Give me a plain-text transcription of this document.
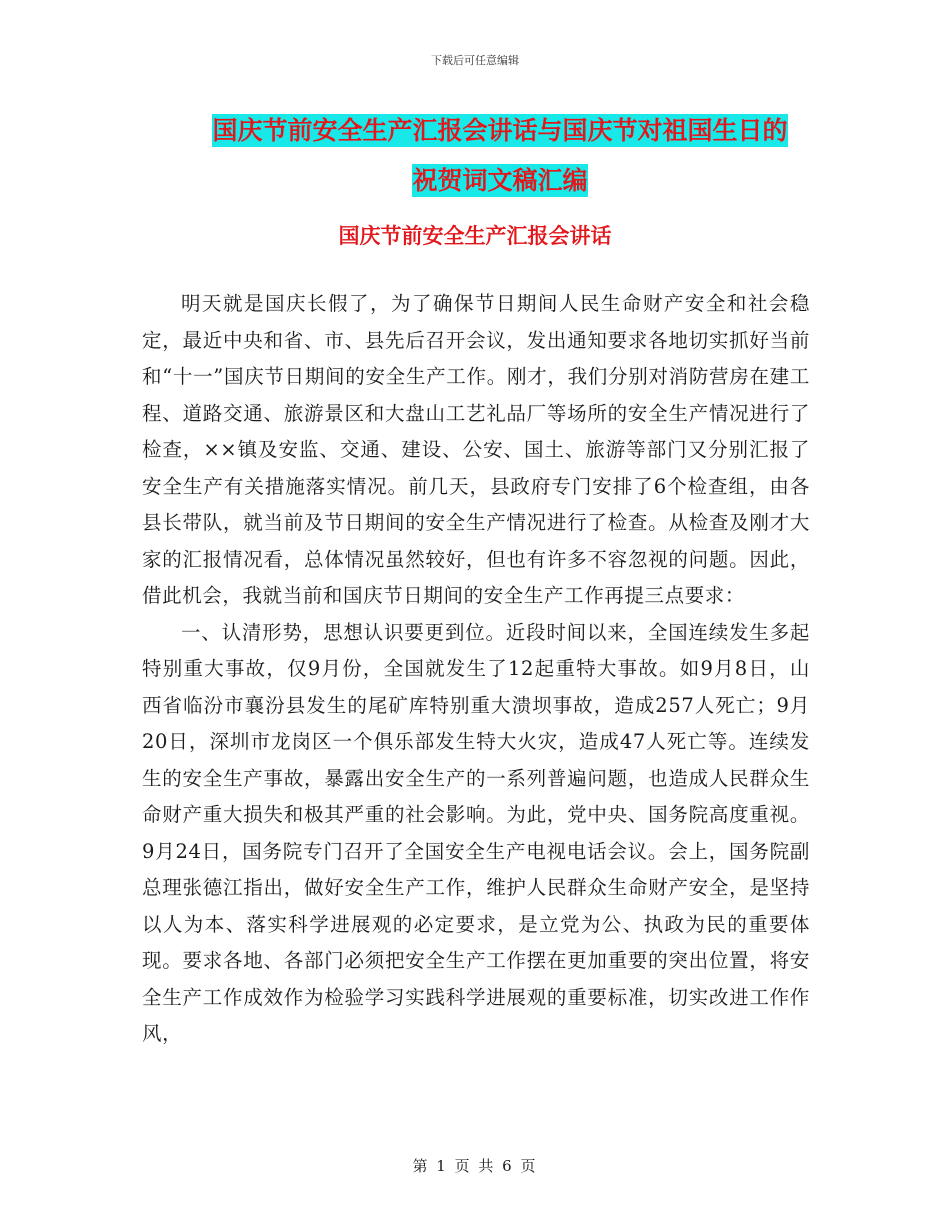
下载后可任意编辑
国庆节前安全生产汇报会讲话与国庆节对祖国生日的
祝贺词文稿汇编
国庆节前安全生产汇报会讲话

明天就是国庆长假了，为了确保节日期间人民生命财产安全和社会稳定，最近中央和省、市、县先后召开会议，发出通知要求各地切实抓好当前和“十一”国庆节日期间的安全生产工作。刚才，我们分别对消防营房在建工程、道路交通、旅游景区和大盘山工艺礼品厂等场所的安全生产情况进行了检查，××镇及安监、交通、建设、公安、国土、旅游等部门又分别汇报了安全生产有关措施落实情况。前几天，县政府专门安排了6个检查组，由各县长带队，就当前及节日期间的安全生产情况进行了检查。从检查及刚才大家的汇报情况看，总体情况虽然较好，但也有许多不容忽视的问题。因此，借此机会，我就当前和国庆节日期间的安全生产工作再提三点要求：

一、认清形势，思想认识要更到位。近段时间以来，全国连续发生多起特别重大事故，仅9月份，全国就发生了12起重特大事故。如9月8日，山西省临汾市襄汾县发生的尾矿库特别重大溃坝事故，造成257人死亡；9月20日，深圳市龙岗区一个俱乐部发生特大火灾，造成47人死亡等。连续发生的安全生产事故，暴露出安全生产的一系列普遍问题，也造成人民群众生命财产重大损失和极其严重的社会影响。为此，党中央、国务院高度重视。9月24日，国务院专门召开了全国安全生产电视电话会议。会上，国务院副总理张德江指出，做好安全生产工作，维护人民群众生命财产安全，是坚持以人为本、落实科学进展观的必定要求，是立党为公、执政为民的重要体现。要求各地、各部门必须把安全生产工作摆在更加重要的突出位置，将安全生产工作成效作为检验学习实践科学进展观的重要标准，切实改进工作作风，

第 1 页 共 6 页
